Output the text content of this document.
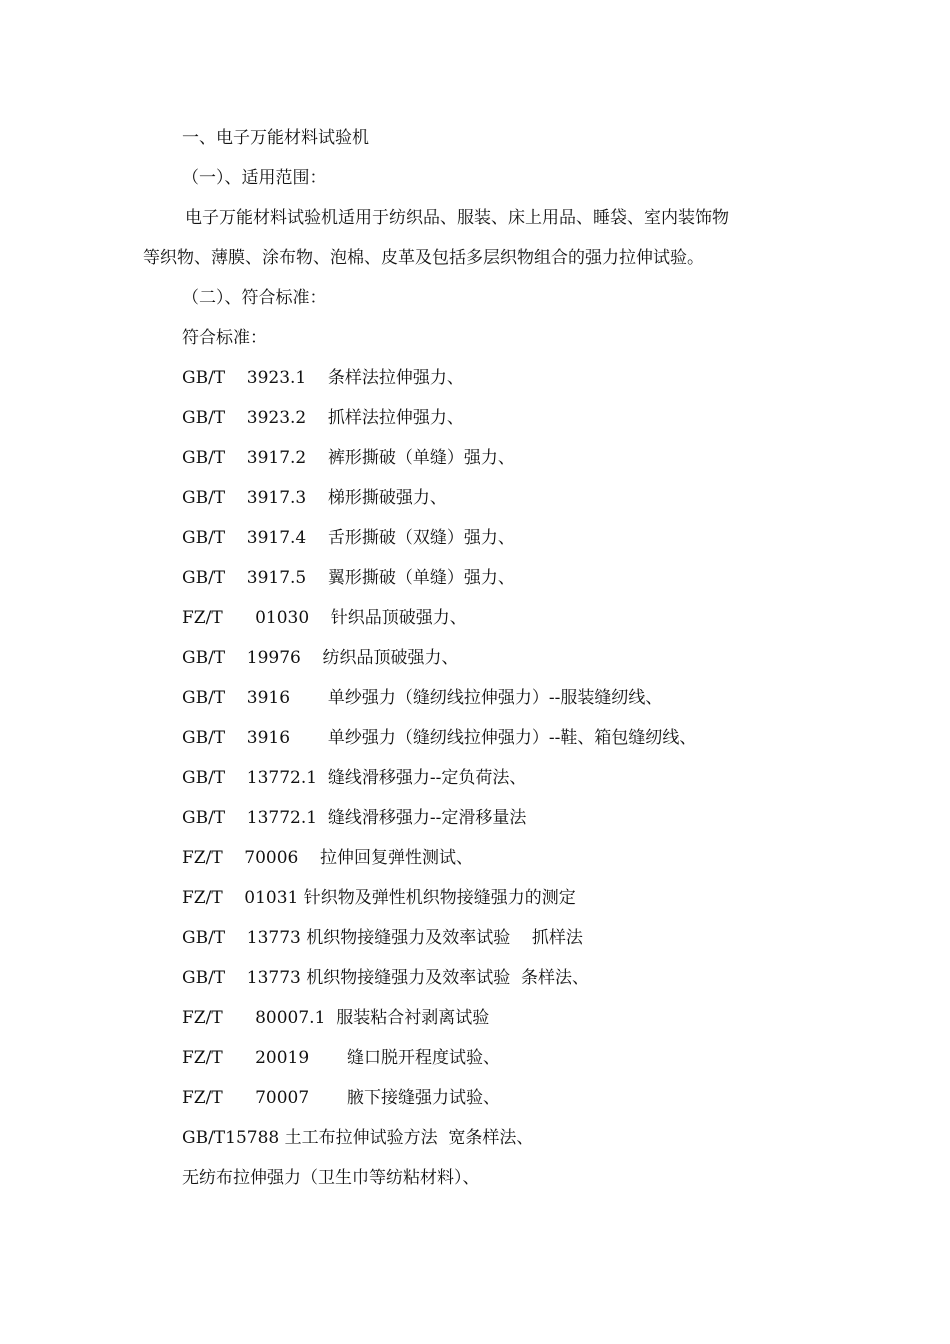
一、电子万能材料试验机
（一）、适用范围：
电子万能材料试验机适用于纺织品、服装、床上用品、睡袋、室内装饰物
等织物、薄膜、涂布物、泡棉、皮革及包括多层织物组合的强力拉伸试验。
（二）、符合标准：
符合标准：
GB/T    3923.1    条样法拉伸强力、
GB/T    3923.2    抓样法拉伸强力、
GB/T    3917.2    裤形撕破（单缝）强力、
GB/T    3917.3    梯形撕破强力、
GB/T    3917.4    舌形撕破（双缝）强力、
GB/T    3917.5    翼形撕破（单缝）强力、
FZ/T      01030    针织品顶破强力、
GB/T    19976    纺织品顶破强力、
GB/T    3916       单纱强力（缝纫线拉伸强力）--服装缝纫线、
GB/T    3916       单纱强力（缝纫线拉伸强力）--鞋、箱包缝纫线、
GB/T    13772.1  缝线滑移强力--定负荷法、
GB/T    13772.1  缝线滑移强力--定滑移量法
FZ/T    70006    拉伸回复弹性测试、
FZ/T    01031 针织物及弹性机织物接缝强力的测定
GB/T    13773 机织物接缝强力及效率试验    抓样法
GB/T    13773 机织物接缝强力及效率试验  条样法、
FZ/T      80007.1  服装粘合衬剥离试验
FZ/T      20019       缝口脱开程度试验、
FZ/T      70007       腋下接缝强力试验、
GB/T15788 土工布拉伸试验方法  宽条样法、
无纺布拉伸强力（卫生巾等纺粘材料）、
